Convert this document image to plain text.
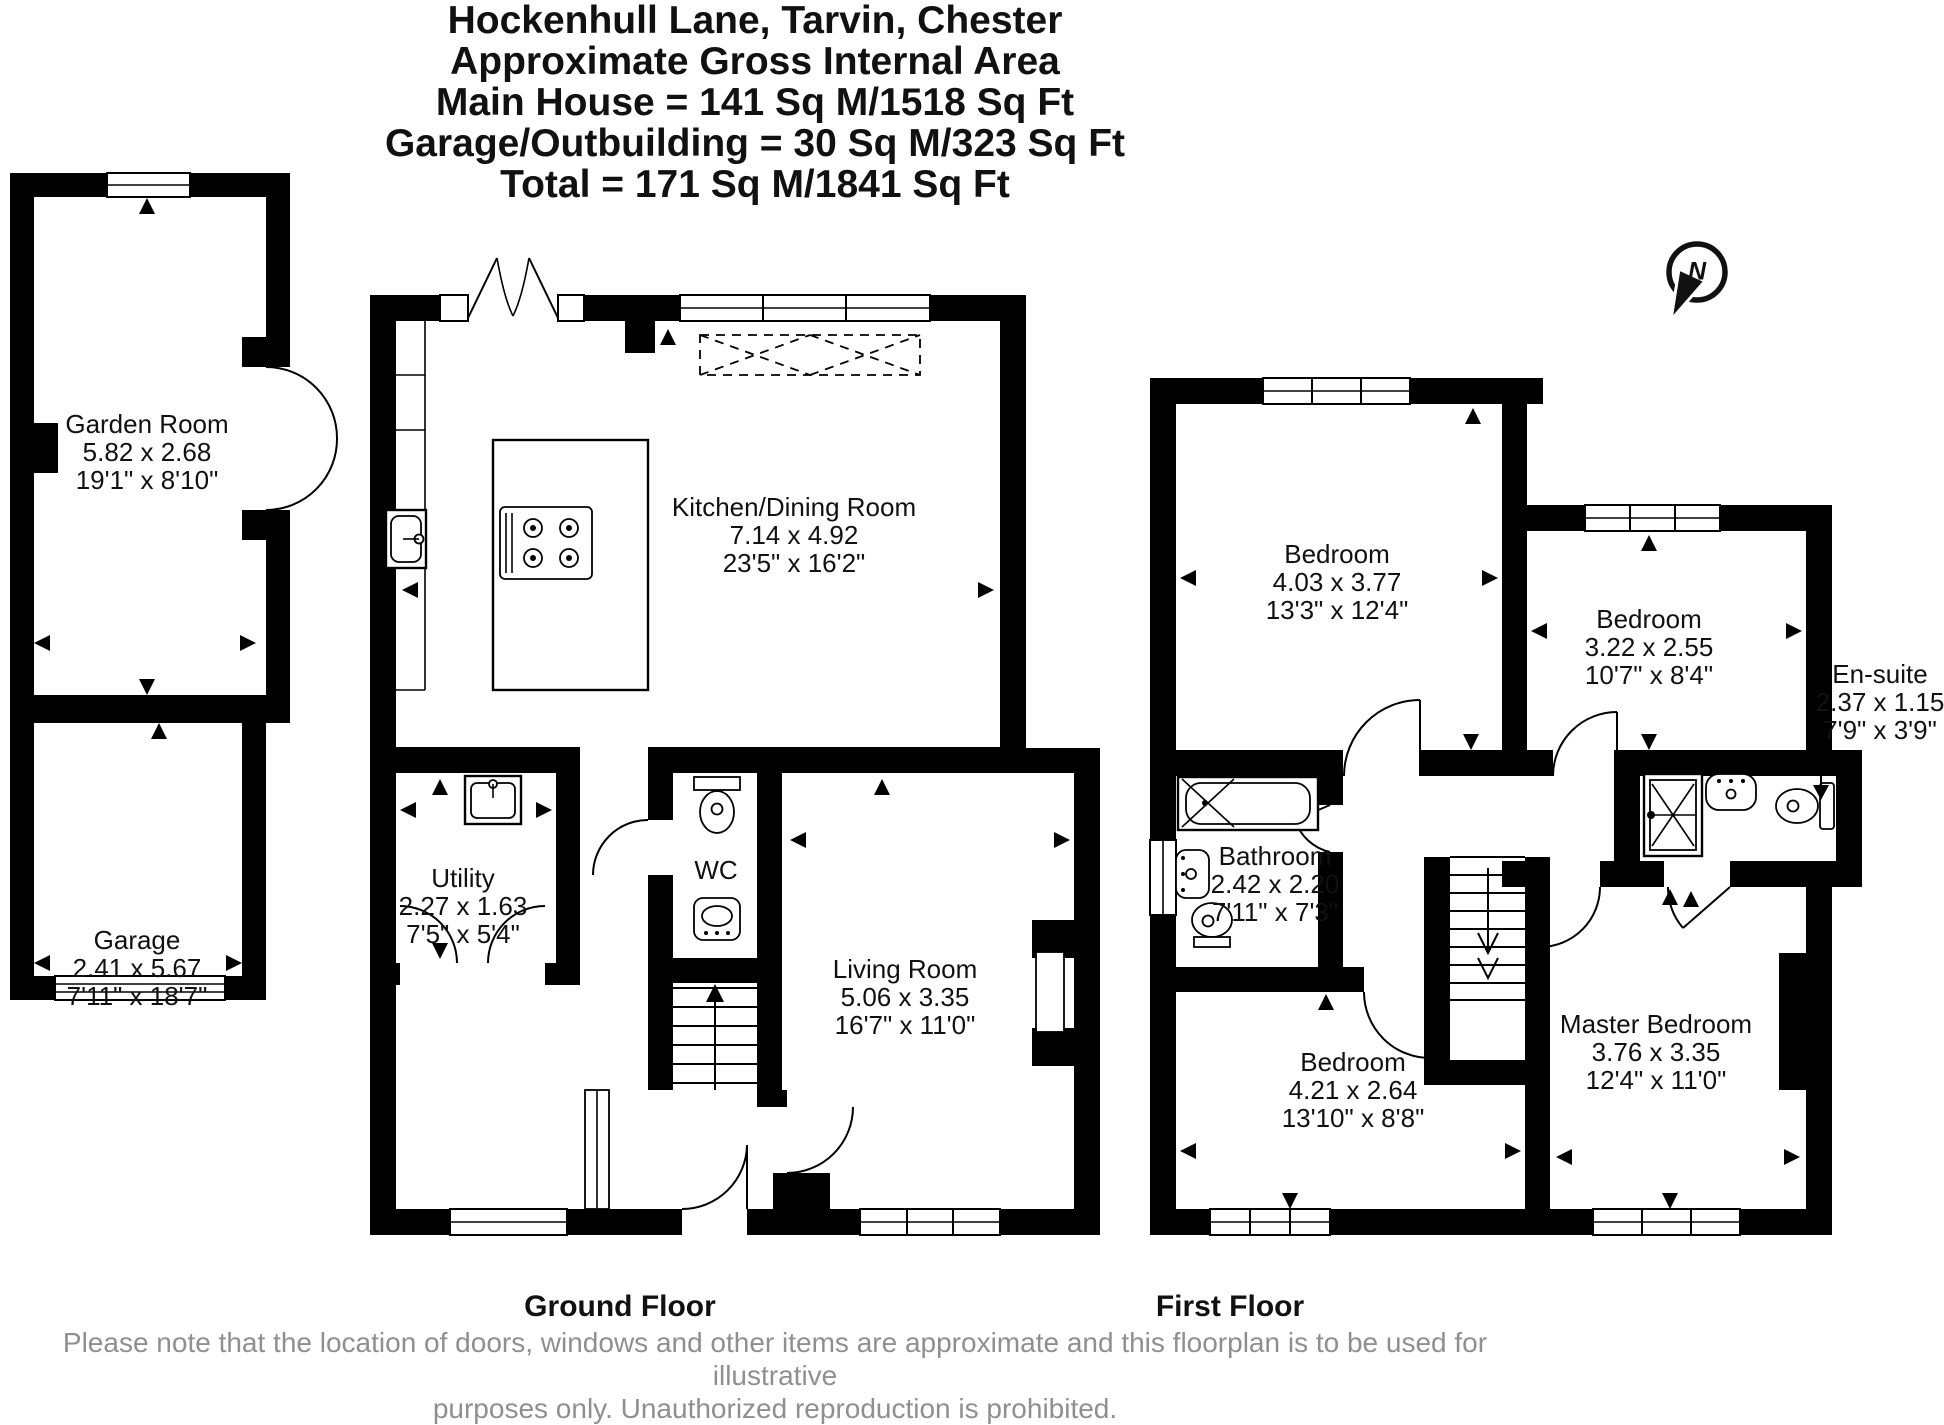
Hockenhull Lane, Tarvin, Chester
Approximate Gross Internal Area
Main House = 141 Sq M/1518 Sq Ft
Garage/Outbuilding = 30 Sq M/323 Sq Ft
Total = 171 Sq M/1841 Sq Ft
N
Garden Room
5.82 x 2.68
19'1" x 8'10"
Garage
2.41 x 5.67
7'11" x 18'7"
Kitchen/Dining Room
7.14 x 4.92
23'5" x 16'2"
Utility
2.27 x 1.63
7'5" x 5'4"
WC
Living Room
5.06 x 3.35
16'7" x 11'0"
Bedroom
4.03 x 3.77
13'3" x 12'4"	Bedroom
3.22 x 2.55
10'7" x 8'4"	En-suite
2.37 x 1.15
7'9" x 3'9"
Bathroom
2.42 x 2.20
7'11" x 7'3"
Bedroom
4.21 x 2.64
13'10" x 8'8"
Master Bedroom
3.76 x 3.35
12'4" x 11'0"
Ground Floor	First Floor
Please note that the location of doors, windows and other items are approximate and this floorplan is to be used for illustrative
purposes only. Unauthorized reproduction is prohibited.
